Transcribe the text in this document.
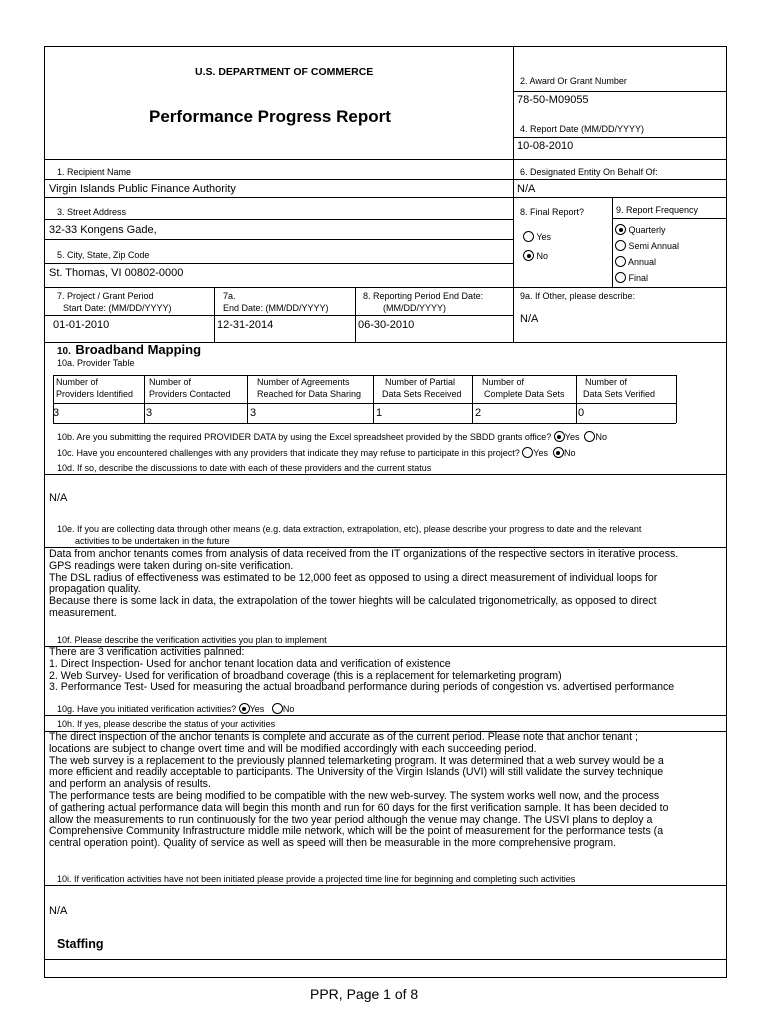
U.S. DEPARTMENT OF COMMERCE
Performance Progress Report
2. Award Or Grant Number
78-50-M09055
4. Report Date (MM/DD/YYYY)
10-08-2010
1. Recipient Name
Virgin Islands Public Finance Authority
6. Designated Entity On Behalf Of:
N/A
3. Street Address
32-33 Kongens Gade,
5. City, State, Zip Code
St. Thomas, VI 00802-0000
8. Final Report?
Yes
No
9. Report Frequency
Quarterly
Semi Annual
Annual
Final
7. Project / Grant Period
Start Date: (MM/DD/YYYY)
01-01-2010
7a.
End Date: (MM/DD/YYYY)
12-31-2014
8. Reporting Period End Date:
(MM/DD/YYYY)
06-30-2010
9a. If Other, please describe:
N/A
10. Broadband Mapping
10a. Provider Table
Number of
Providers Identified
Number of
Providers Contacted
Number of Agreements
Reached for Data Sharing
Number of Partial
Data Sets Received
Number of
Complete Data Sets
Number of
Data Sets Verified
3	3	3	1	2	0
10b. Are you submitting the required PROVIDER DATA by using the Excel spreadsheet provided by the SBDD grants office? Yes No
10c. Have you encountered challenges with any providers that indicate they may refuse to participate in this project? Yes No
10d. If so, describe the discussions to date with each of these providers and the current status
N/A
10e. If you are collecting data through other means (e.g. data extraction, extrapolation, etc), please describe your progress to date and the relevant
activities to be undertaken in the future
Data from anchor tenants comes from analysis of data received from the IT organizations of the respective sectors in iterative process.
GPS readings were taken during on-site verification.
The DSL radius of effectiveness was estimated to be 12,000 feet as opposed to using a direct measurement of individual loops for
propagation quality.
Because there is some lack in data, the extrapolation of the tower hieghts will be calculated trigonometrically, as opposed to direct
measurement.
10f. Please describe the verification activities you plan to implement
There are 3 verification activities palnned:
1. Direct Inspection- Used for anchor tenant location data and verification of existence
2. Web Survey- Used for verification of broadband coverage (this is a replacement for telemarketing program)
3. Performance Test- Used for measuring the actual broadband performance during periods of congestion vs. advertised performance
10g. Have you initiated verification activities? Yes No
10h. If yes, please describe the status of your activities
The direct inspection of the anchor tenants is complete and accurate as of the current period. Please note that anchor tenant ;
locations are subject to change overt time and will be modified accordingly with each succeeding period.
The web survey is a replacement to the previously planned telemarketing program. It was determined that a web survey would be a
more efficient and readily acceptable to participants. The University of the Virgin Islands (UVI) will still validate the survey technique
and perform an analysis of results.
The performance tests are being modified to be compatible with the new web-survey. The system works well now, and the process
of gathering actual performance data will begin this month and run for 60 days for the first verification sample. It has been decided to
allow the measurements to run continuously for the two year period although the venue may change. The USVI plans to deploy a
Comprehensive Community Infrastructure middle mile network, which will be the point of measurement for the performance tests (a
central operation point). Quality of service as well as speed will then be measurable in the more comprehensive program.
10i. If verification activities have not been initiated please provide a projected time line for beginning and completing such activities
N/A
Staffing
PPR, Page 1 of 8
